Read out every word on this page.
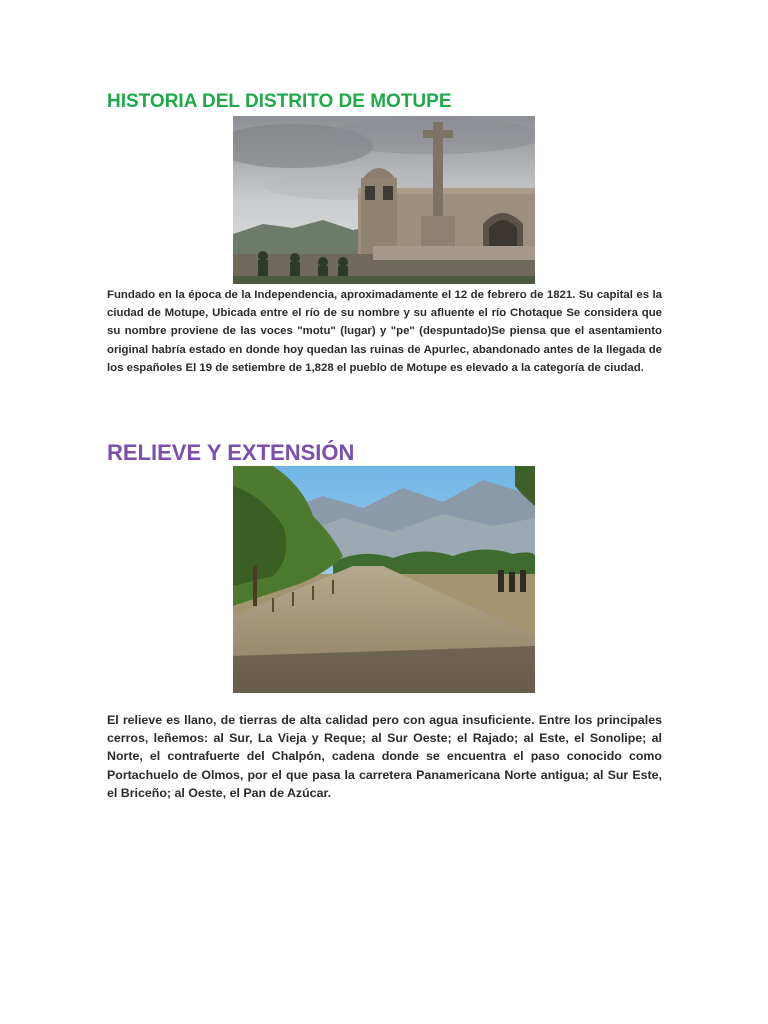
HISTORIA DEL DISTRITO DE MOTUPE

Fundado en la época de la Independencia, aproximadamente el 12 de febrero de 1821. Su capital es la ciudad de Motupe, Ubicada entre el río de su nombre y su afluente el río Chotaque Se considera que su nombre proviene de las voces "motu" (lugar) y "pe" (despuntado)Se piensa que el asentamiento original habría estado en donde hoy quedan las ruinas de Apurlec, abandonado antes de la llegada de los españoles El 19 de setiembre de 1,828 el pueblo de Motupe es elevado a la categoría de ciudad.

RELIEVE Y EXTENSIÓN

El relieve es llano, de tierras de alta calidad pero con agua insuficiente. Entre los principales cerros, leñemos: al Sur, La Vieja y Reque; al Sur Oeste; el Rajado; al Este, el Sonolipe; al Norte, el contrafuerte del Chalpón, cadena donde se encuentra el paso conocido como Portachuelo de Olmos, por el que pasa la carretera Panamericana Norte antigua; al Sur Este, el Briceño; al Oeste, el Pan de Azúcar.
